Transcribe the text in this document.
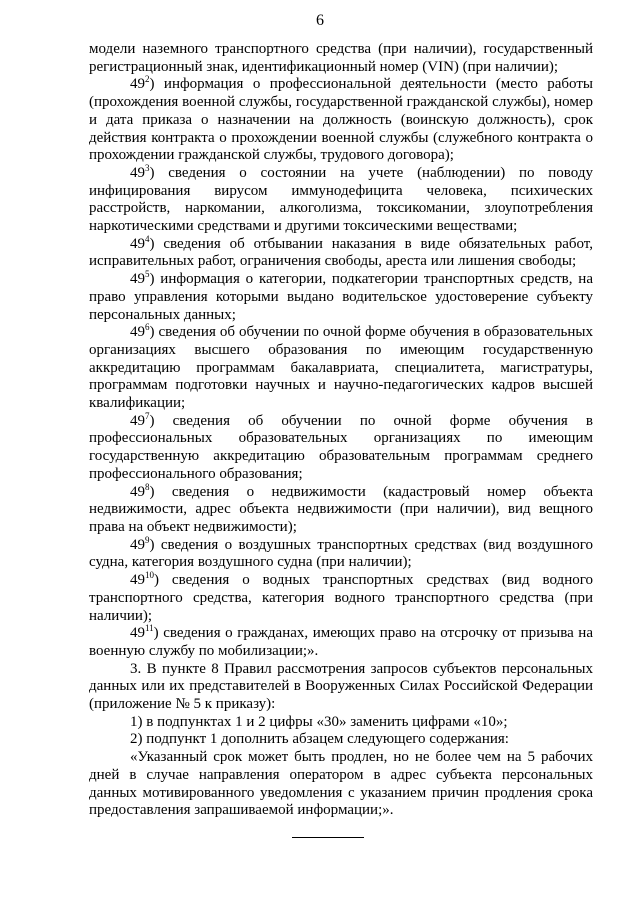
6

модели наземного транспортного средства (при наличии), государственный регистрационный знак, идентификационный номер (VIN) (при наличии);

$49^2$) информация о профессиональной деятельности (место работы (прохождения военной службы, государственной гражданской службы), номер и дата приказа о назначении на должность (воинскую должность), срок действия контракта о прохождении военной службы (служебного контракта о прохождении гражданской службы, трудового договора);

$49^3$) сведения о состоянии на учете (наблюдении) по поводу инфицирования вирусом иммунодефицита человека, психических расстройств, наркомании, алкоголизма, токсикомании, злоупотребления наркотическими средствами и другими токсическими веществами;

$49^4$) сведения об отбывании наказания в виде обязательных работ, исправительных работ, ограничения свободы, ареста или лишения свободы;

$49^5$) информация о категории, подкатегории транспортных средств, на право управления которыми выдано водительское удостоверение субъекту персональных данных;

$49^6$) сведения об обучении по очной форме обучения в образовательных организациях высшего образования по имеющим государственную аккредитацию программам бакалавриата, специалитета, магистратуры, программам подготовки научных и научно-педагогических кадров высшей квалификации;

$49^7$) сведения об обучении по очной форме обучения в профессиональных образовательных организациях по имеющим государственную аккредитацию образовательным программам среднего профессионального образования;

$49^8$) сведения о недвижимости (кадастровый номер объекта недвижимости, адрес объекта недвижимости (при наличии), вид вещного права на объект недвижимости);

$49^9$) сведения о воздушных транспортных средствах (вид воздушного судна, категория воздушного судна (при наличии);

$49^{10}$) сведения о водных транспортных средствах (вид водного транспортного средства, категория водного транспортного средства (при наличии);

$49^{11}$) сведения о гражданах, имеющих право на отсрочку от призыва на военную службу по мобилизации;».

3. В пункте 8 Правил рассмотрения запросов субъектов персональных данных или их представителей в Вооруженных Силах Российской Федерации (приложение № 5 к приказу):

1) в подпунктах 1 и 2 цифры «30» заменить цифрами «10»;

2) подпункт 1 дополнить абзацем следующего содержания:

«Указанный срок может быть продлен, но не более чем на 5 рабочих дней в случае направления оператором в адрес субъекта персональных данных мотивированного уведомления с указанием причин продления срока предоставления запрашиваемой информации;».
